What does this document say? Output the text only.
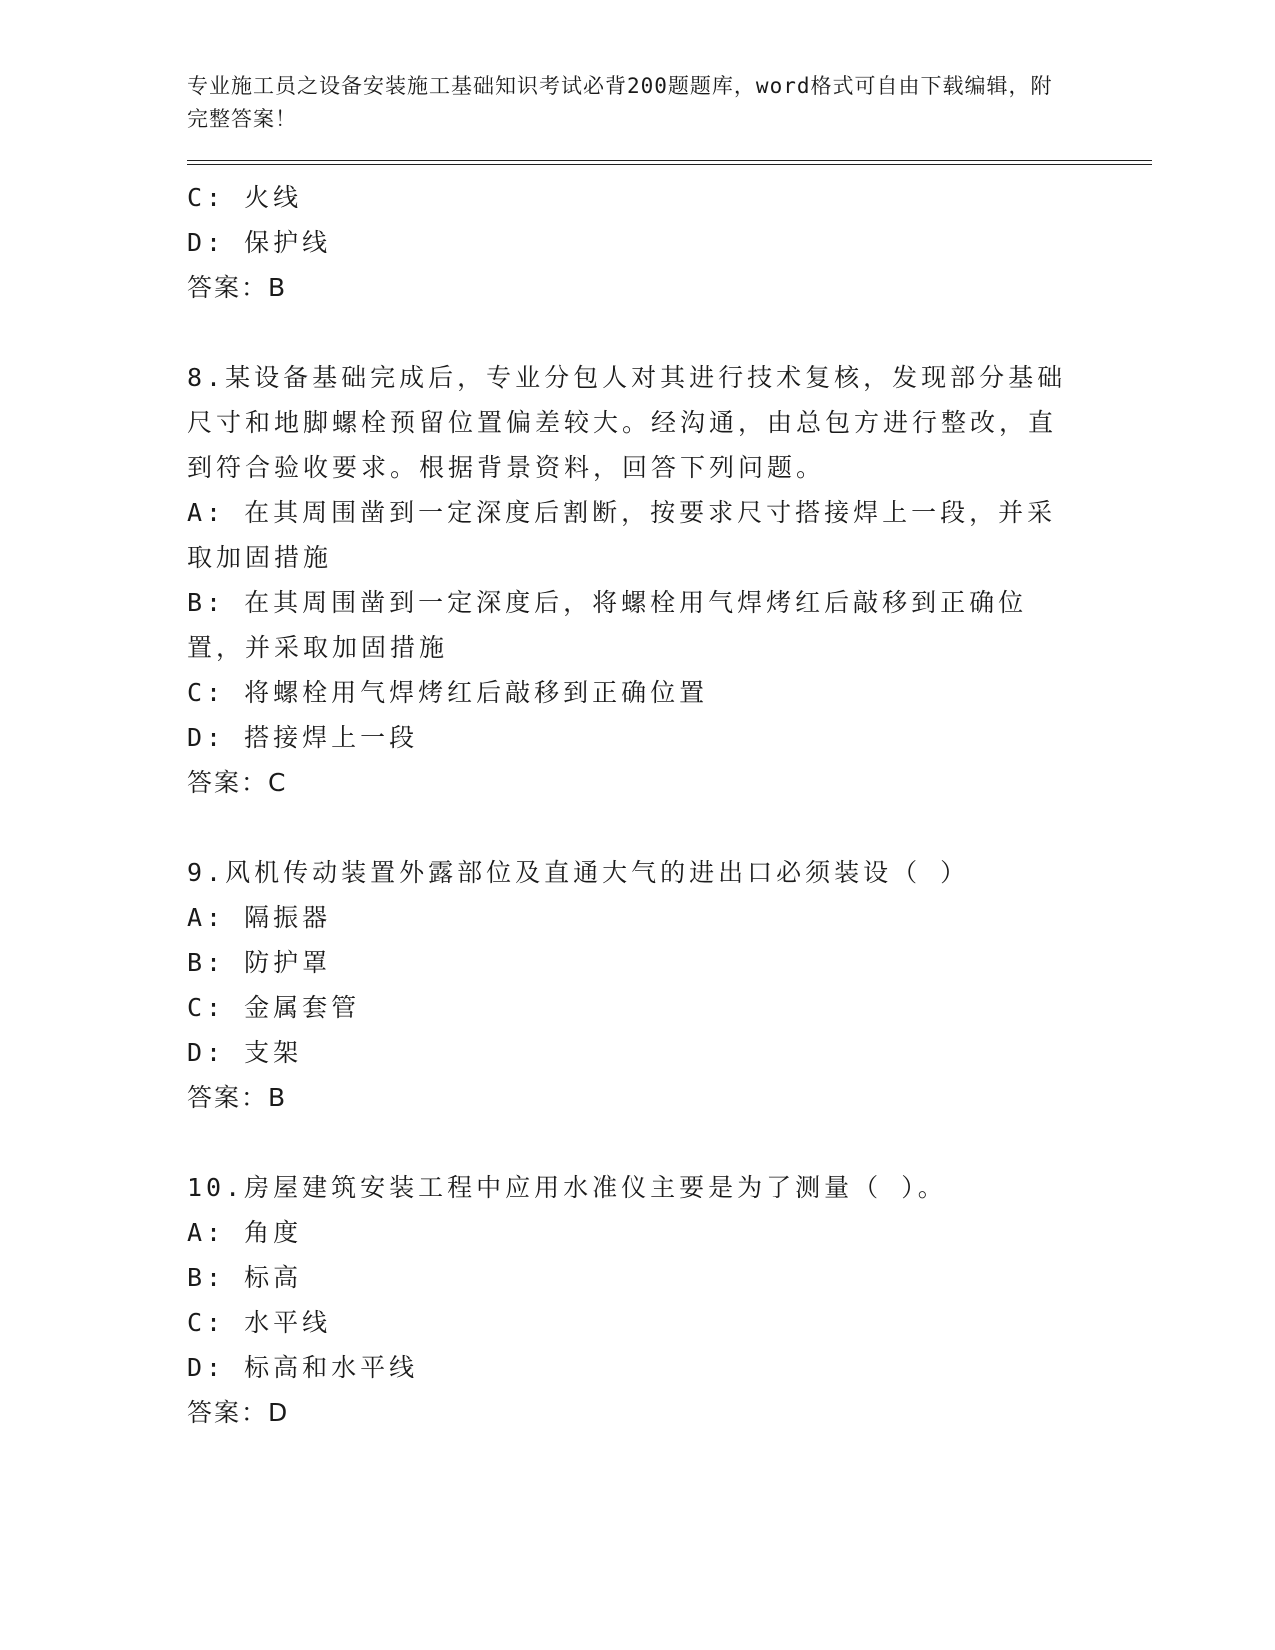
专业施工员之设备安装施工基础知识考试必背200题题库，word格式可自由下载编辑，附完整答案！
C: 火线
D: 保护线
答案：B
8.某设备基础完成后，专业分包人对其进行技术复核，发现部分基础尺寸和地脚螺栓预留位置偏差较大。经沟通，由总包方进行整改，直到符合验收要求。根据背景资料，回答下列问题。
A: 在其周围凿到一定深度后割断，按要求尺寸搭接焊上一段，并采取加固措施
B: 在其周围凿到一定深度后，将螺栓用气焊烤红后敲移到正确位置，并采取加固措施
C: 将螺栓用气焊烤红后敲移到正确位置
D: 搭接焊上一段
答案：C
9.风机传动装置外露部位及直通大气的进出口必须装设（ ）
A: 隔振器
B: 防护罩
C: 金属套管
D: 支架
答案：B
10.房屋建筑安装工程中应用水准仪主要是为了测量（ ）。
A: 角度
B: 标高
C: 水平线
D: 标高和水平线
答案：D
